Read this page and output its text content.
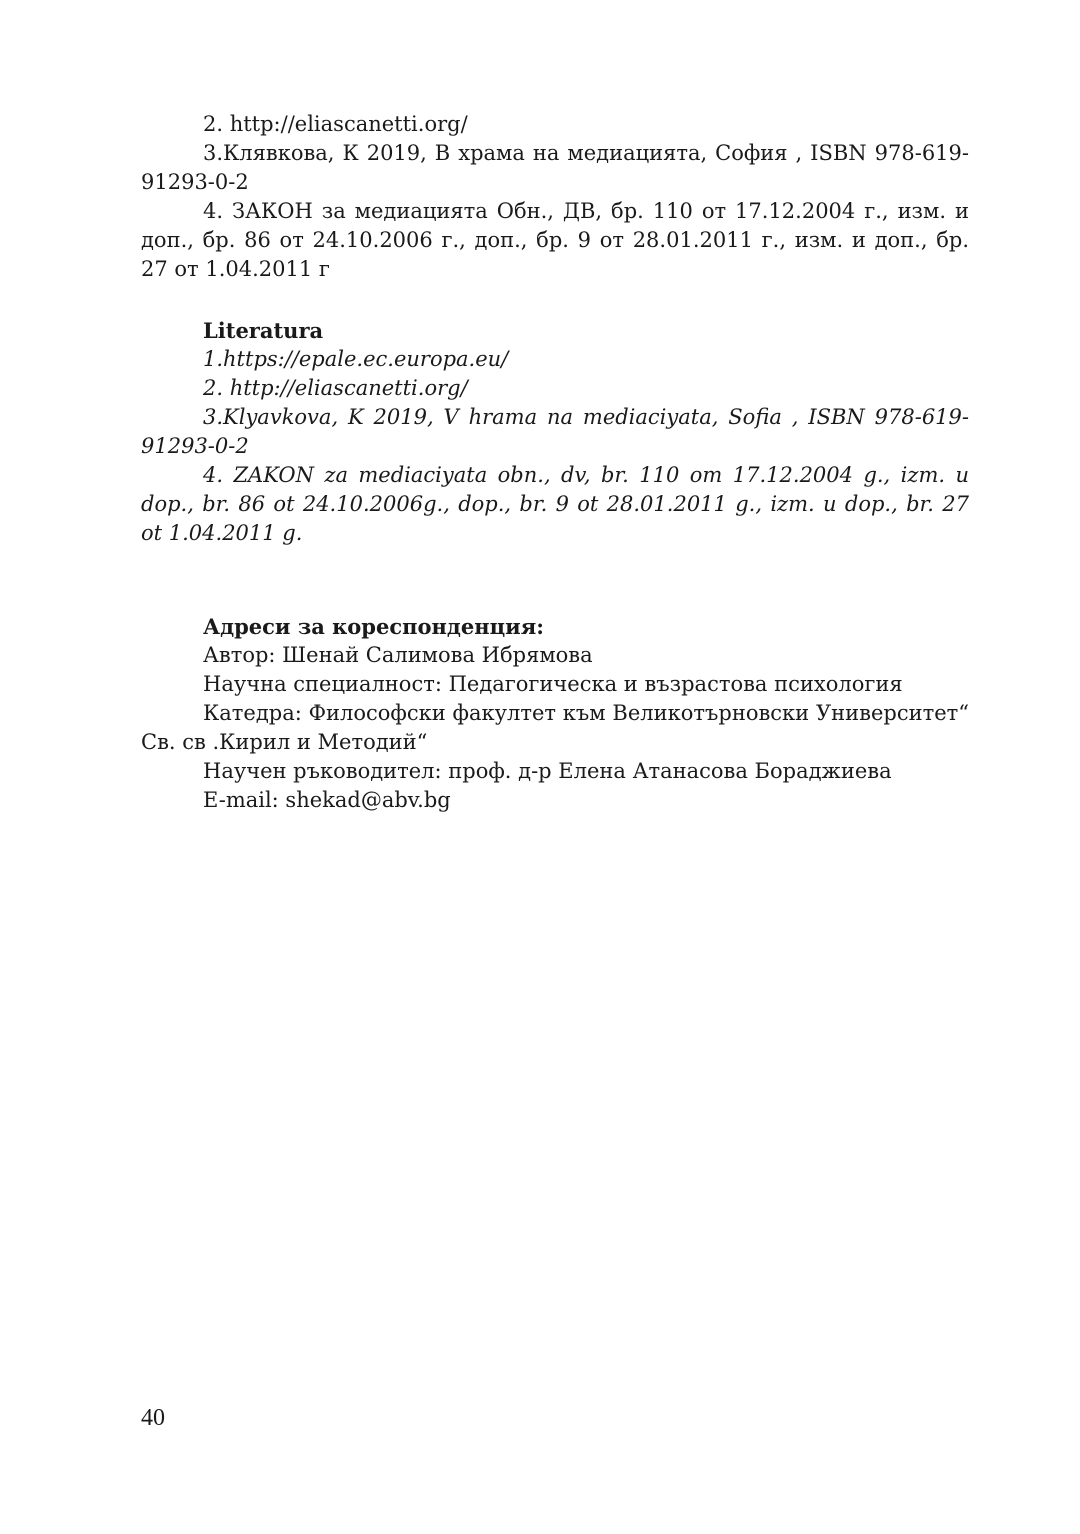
2. http://eliascanetti.org/

3.Клявкова, К 2019, В храма на медиацията, София , ISBN 978-619-91293-0-2

4. ЗАКОН за медиацията Обн., ДВ, бр. 110 от 17.12.2004 г., изм. и доп., бр. 86 от 24.10.2006 г., доп., бр. 9 от 28.01.2011 г., изм. и доп., бр. 27 от 1.04.2011 г

Literatura

1.https://epale.ec.europa.eu/

2. http://eliascanetti.org/

3.Klyavkova, K 2019, V hrama na mediaciyata, Sofia , ISBN 978-619-91293-0-2

4. ZAKON za mediaciyata obn., dv, br. 110 от 17.12.2004 g., izm. u dop., br. 86 ot 24.10.2006g., dop., br. 9 ot 28.01.2011 g., izm. u dop., br. 27 ot 1.04.2011 g.

Адреси за кореспонденция:

Автор: Шенай Салимова Ибрямова

Научна специалност: Педагогическа и възрастова психология

Катедра: Философски факултет към Великотърновски Университет“ Св. св .Кирил и Методий“

Научен ръководител: проф. д-р Елена Атанасова Бораджиева

E-mail: shekad@abv.bg

40
